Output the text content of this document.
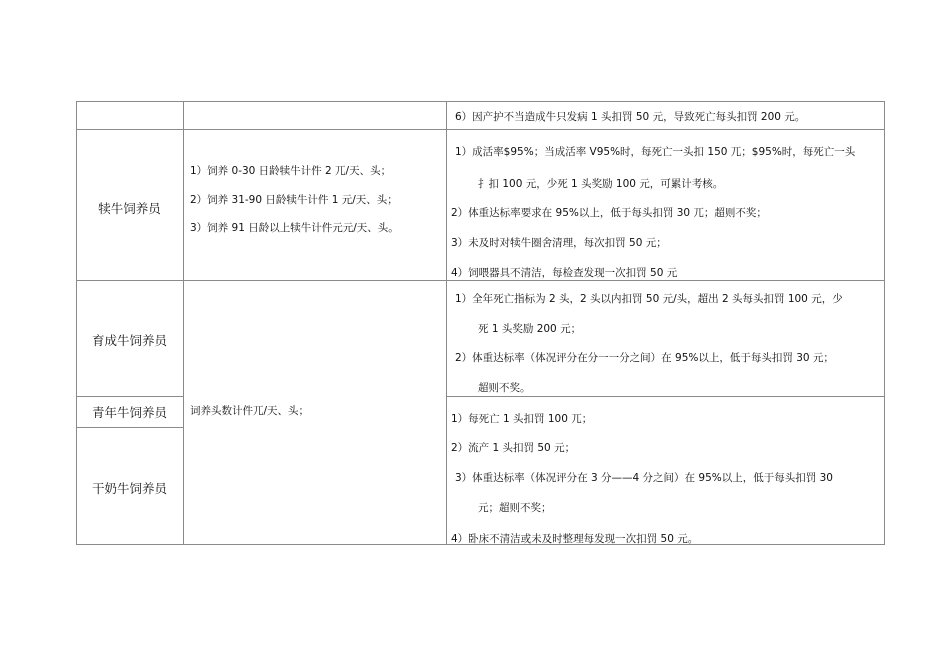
6）因产护不当造成牛只发病 1 头扣罚 50 元，导致死亡每头扣罚 200 元。
犊牛饲养员
1）饲养 0-30 日龄犊牛计件 2 兀/天、头；
2）饲养 31-90 日龄犊牛计件 1 元/天、头；
3）饲养 91 日龄以上犊牛计件元元/天、头。
1）成活率$95%；当成活率 V95%时，每死亡一头扣 150 兀；$95%时，每死亡一头
扌扣 100 元，少死 1 头奖励 100 元，可累计考核。
2）体重达标率要求在 95%以上，低于每头扣罚 30 兀；超则不奖；
3）未及时对犊牛圈舍清理，每次扣罚 50 元；
4）饲喂器具不清洁，每检查发现一次扣罚 50 元
育成牛饲养员
1）全年死亡指标为 2 头，2 头以内扣罚 50 元/头，超出 2 头每头扣罚 100 元，少
死 1 头奖励 200 元；
2）体重达标率（体况评分在分一一分之间）在 95%以上，低于每头扣罚 30 元；
超则不奖。
词养头数计件兀/天、头；
青年牛饲养员
干奶牛饲养员
1）每死亡 1 头扣罚 100 兀；
2）流产 1 头扣罚 50 元；
3）体重达标率（体况评分在 3 分——4 分之间）在 95%以上，低于每头扣罚 30
元；超则不奖；
4）卧床不清洁或未及时整理每发现一次扣罚 50 元。
